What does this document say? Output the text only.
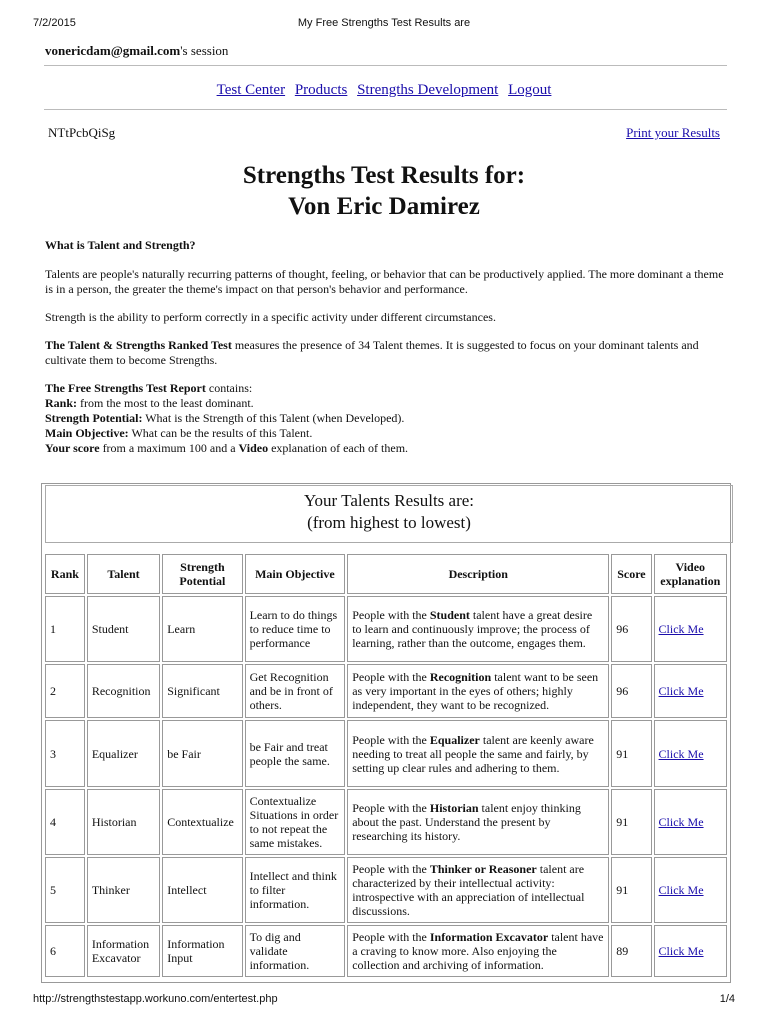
7/2/2015	My Free Strengths Test Results are
vonericdam@gmail.com's session
Test Center Products Strengths Development Logout
NTtPcbQiSg	Print your Results
Strengths Test Results for:
Von Eric Damirez

What is Talent and Strength?

Talents are people's naturally recurring patterns of thought, feeling, or behavior that can be productively applied. The more dominant a theme is in a person, the greater the theme's impact on that person's behavior and performance.

Strength is the ability to perform correctly in a specific activity under different circumstances.

The Talent & Strengths Ranked Test measures the presence of 34 Talent themes. It is suggested to focus on your dominant talents and cultivate them to become Strengths.

The Free Strengths Test Report contains:
Rank: from the most to the least dominant.
Strength Potential: What is the Strength of this Talent (when Developed).
Main Objective: What can be the results of this Talent.
Your score from a maximum 100 and a Video explanation of each of them.

Your Talents Results are:
(from highest to lowest)
Rank	Talent	Strength Potential	Main Objective	Description	Score	Video explanation
1	Student	Learn	Learn to do things to reduce time to performance	People with the Student talent have a great desire to learn and continuously improve; the process of learning, rather than the outcome, engages them.	96	Click Me
2	Recognition	Significant	Get Recognition and be in front of others.	People with the Recognition talent want to be seen as very important in the eyes of others; highly independent, they want to be recognized.	96	Click Me
3	Equalizer	be Fair	be Fair and treat people the same.	People with the Equalizer talent are keenly aware needing to treat all people the same and fairly, by setting up clear rules and adhering to them.	91	Click Me
4	Historian	Contextualize	Contextualize Situations in order to not repeat the same mistakes.	People with the Historian talent enjoy thinking about the past. Understand the present by researching its history.	91	Click Me
5	Thinker	Intellect	Intellect and think to filter information.	People with the Thinker or Reasoner talent are characterized by their intellectual activity: introspective with an appreciation of intellectual discussions.	91	Click Me
6	Information Excavator	Information Input	To dig and validate information.	People with the Information Excavator talent have a craving to know more. Also enjoying the collection and archiving of information.	89	Click Me
http://strengthstestapp.workuno.com/entertest.php	1/4
